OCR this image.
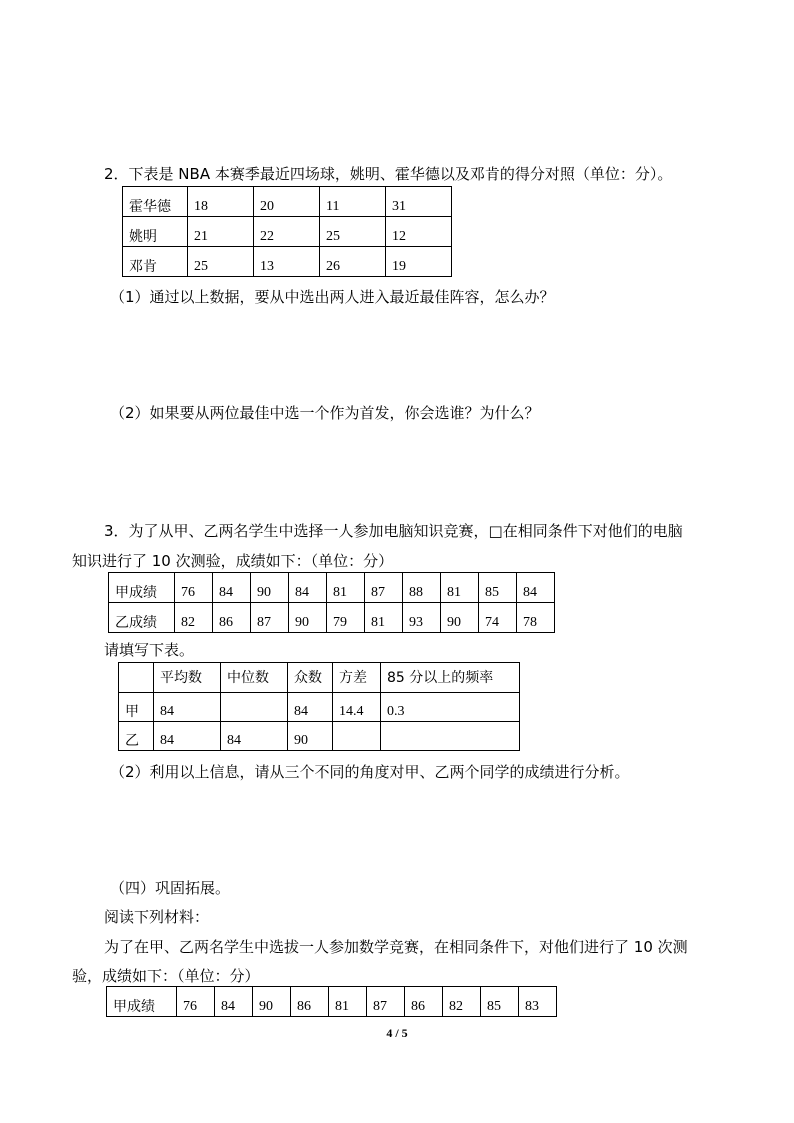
2．下表是 NBA 本赛季最近四场球，姚明、霍华德以及邓肯的得分对照（单位：分）。
霍华德	18	20	11	31
姚明	21	22	25	12
邓肯	25	13	26	19
（1）通过以上数据，要从中选出两人进入最近最佳阵容，怎么办？
（2）如果要从两位最佳中选一个作为首发，你会选谁？为什么？
3．为了从甲、乙两名学生中选择一人参加电脑知识竞赛，□在相同条件下对他们的电脑
知识进行了 10 次测验，成绩如下：（单位：分）
甲成绩	76	84	90	84	81	87	88	81	85	84
乙成绩	82	86	87	90	79	81	93	90	74	78
请填写下表。
	平均数	中位数	众数	方差	85 分以上的频率
甲	84		84	14.4	0.3
乙	84	84	90		
（2）利用以上信息，请从三个不同的角度对甲、乙两个同学的成绩进行分析。
（四）巩固拓展。
阅读下列材料：
为了在甲、乙两名学生中选拔一人参加数学竞赛，在相同条件下，对他们进行了 10 次测
验，成绩如下：（单位：分）
甲成绩	76	84	90	86	81	87	86	82	85	83
4 / 5
